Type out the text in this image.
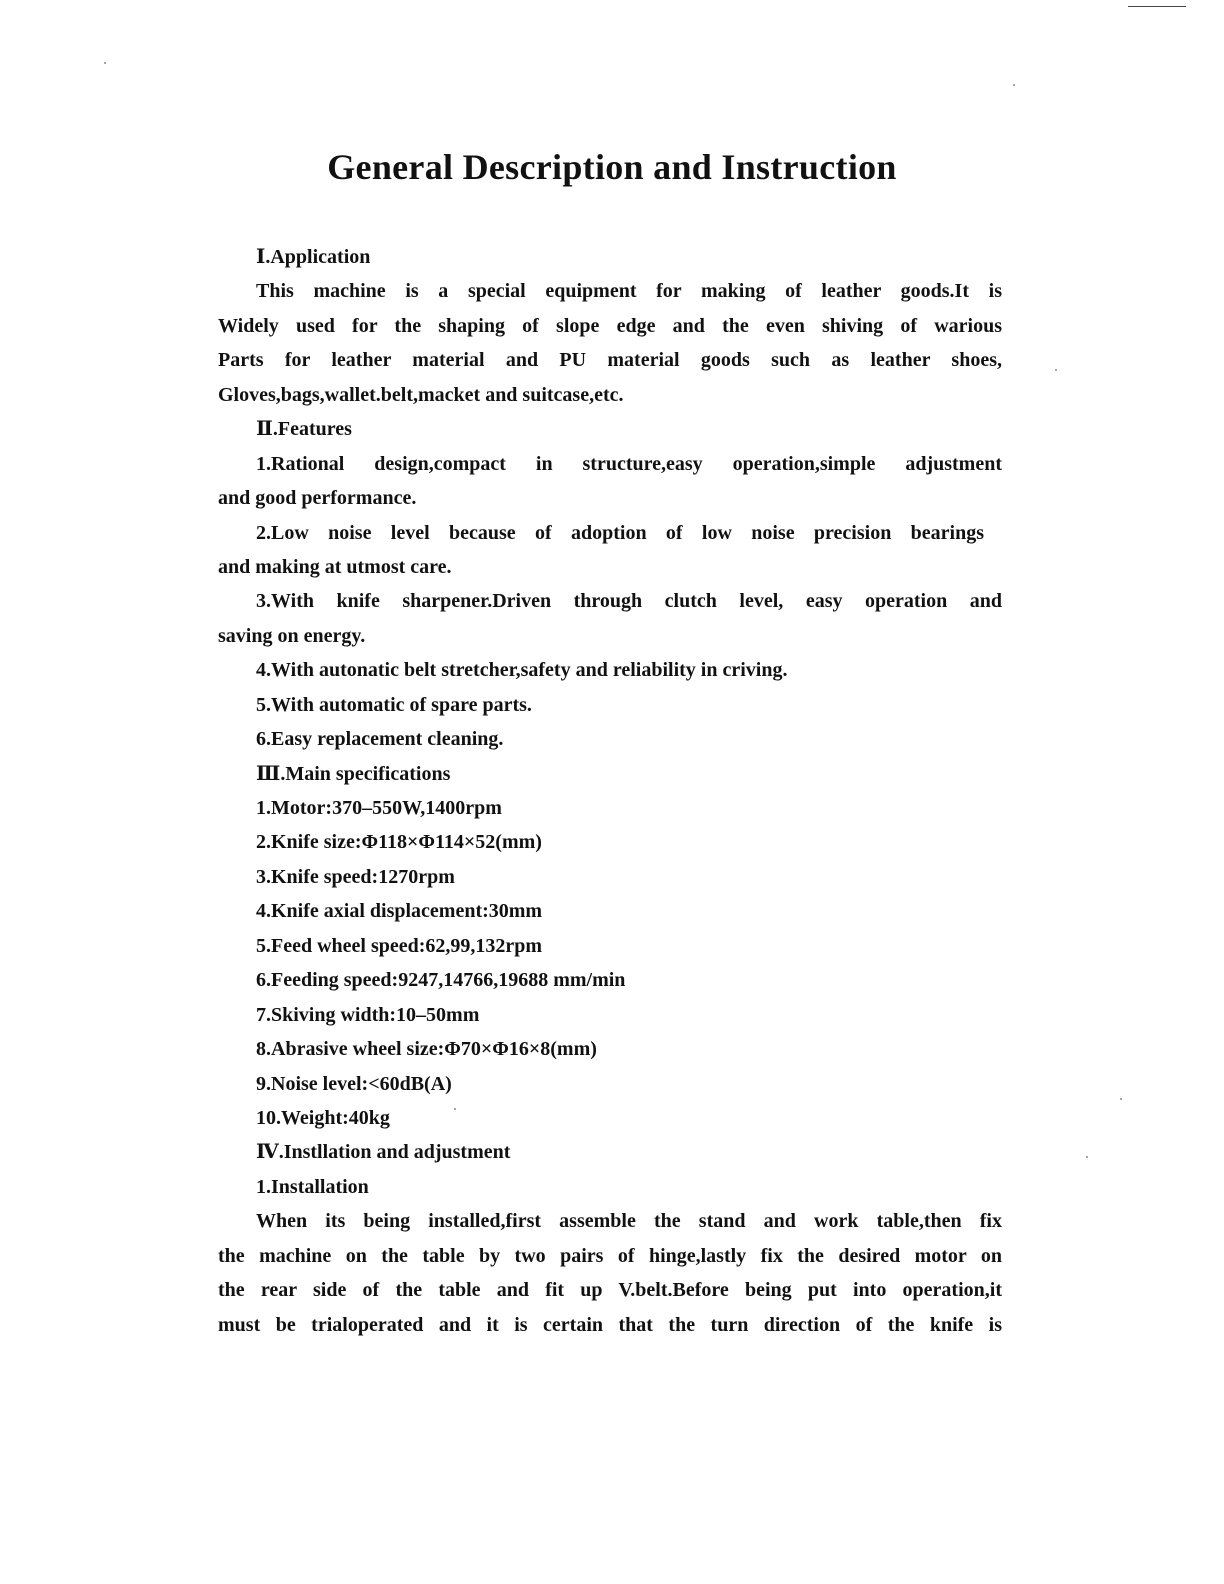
General Description and Instruction
Ⅰ.Application
This machine is a special equipment for making of leather goods.It is
Widely used for the shaping of slope edge and the even shiving of warious
Parts for leather material and PU material goods such as leather shoes,
Gloves,bags,wallet.belt,macket and suitcase,etc.
Ⅱ.Features
1.Rational design,compact in structure,easy operation,simple adjustment
and good performance.
2.Low noise level because of adoption of low noise precision bearings
and making at utmost care.
3.With knife sharpener.Driven through clutch level, easy operation and
saving on energy.
4.With autonatic belt stretcher,safety and reliability in criving.
5.With automatic of spare parts.
6.Easy replacement cleaning.
Ⅲ.Main specifications
1.Motor:370–550W,1400rpm
2.Knife size:Φ118×Φ114×52(mm)
3.Knife speed:1270rpm
4.Knife axial displacement:30mm
5.Feed wheel speed:62,99,132rpm
6.Feeding speed:9247,14766,19688 mm/min
7.Skiving width:10–50mm
8.Abrasive wheel size:Φ70×Φ16×8(mm)
9.Noise level:<60dB(A)
10.Weight:40kg
Ⅳ.Instllation and adjustment
1.Installation
When its being installed,first assemble the stand and work table,then fix
the machine on the table by two pairs of hinge,lastly fix the desired motor on
the rear side of the table and fit up V.belt.Before being put into operation,it
must be trialoperated and it is certain that the turn direction of the knife is
